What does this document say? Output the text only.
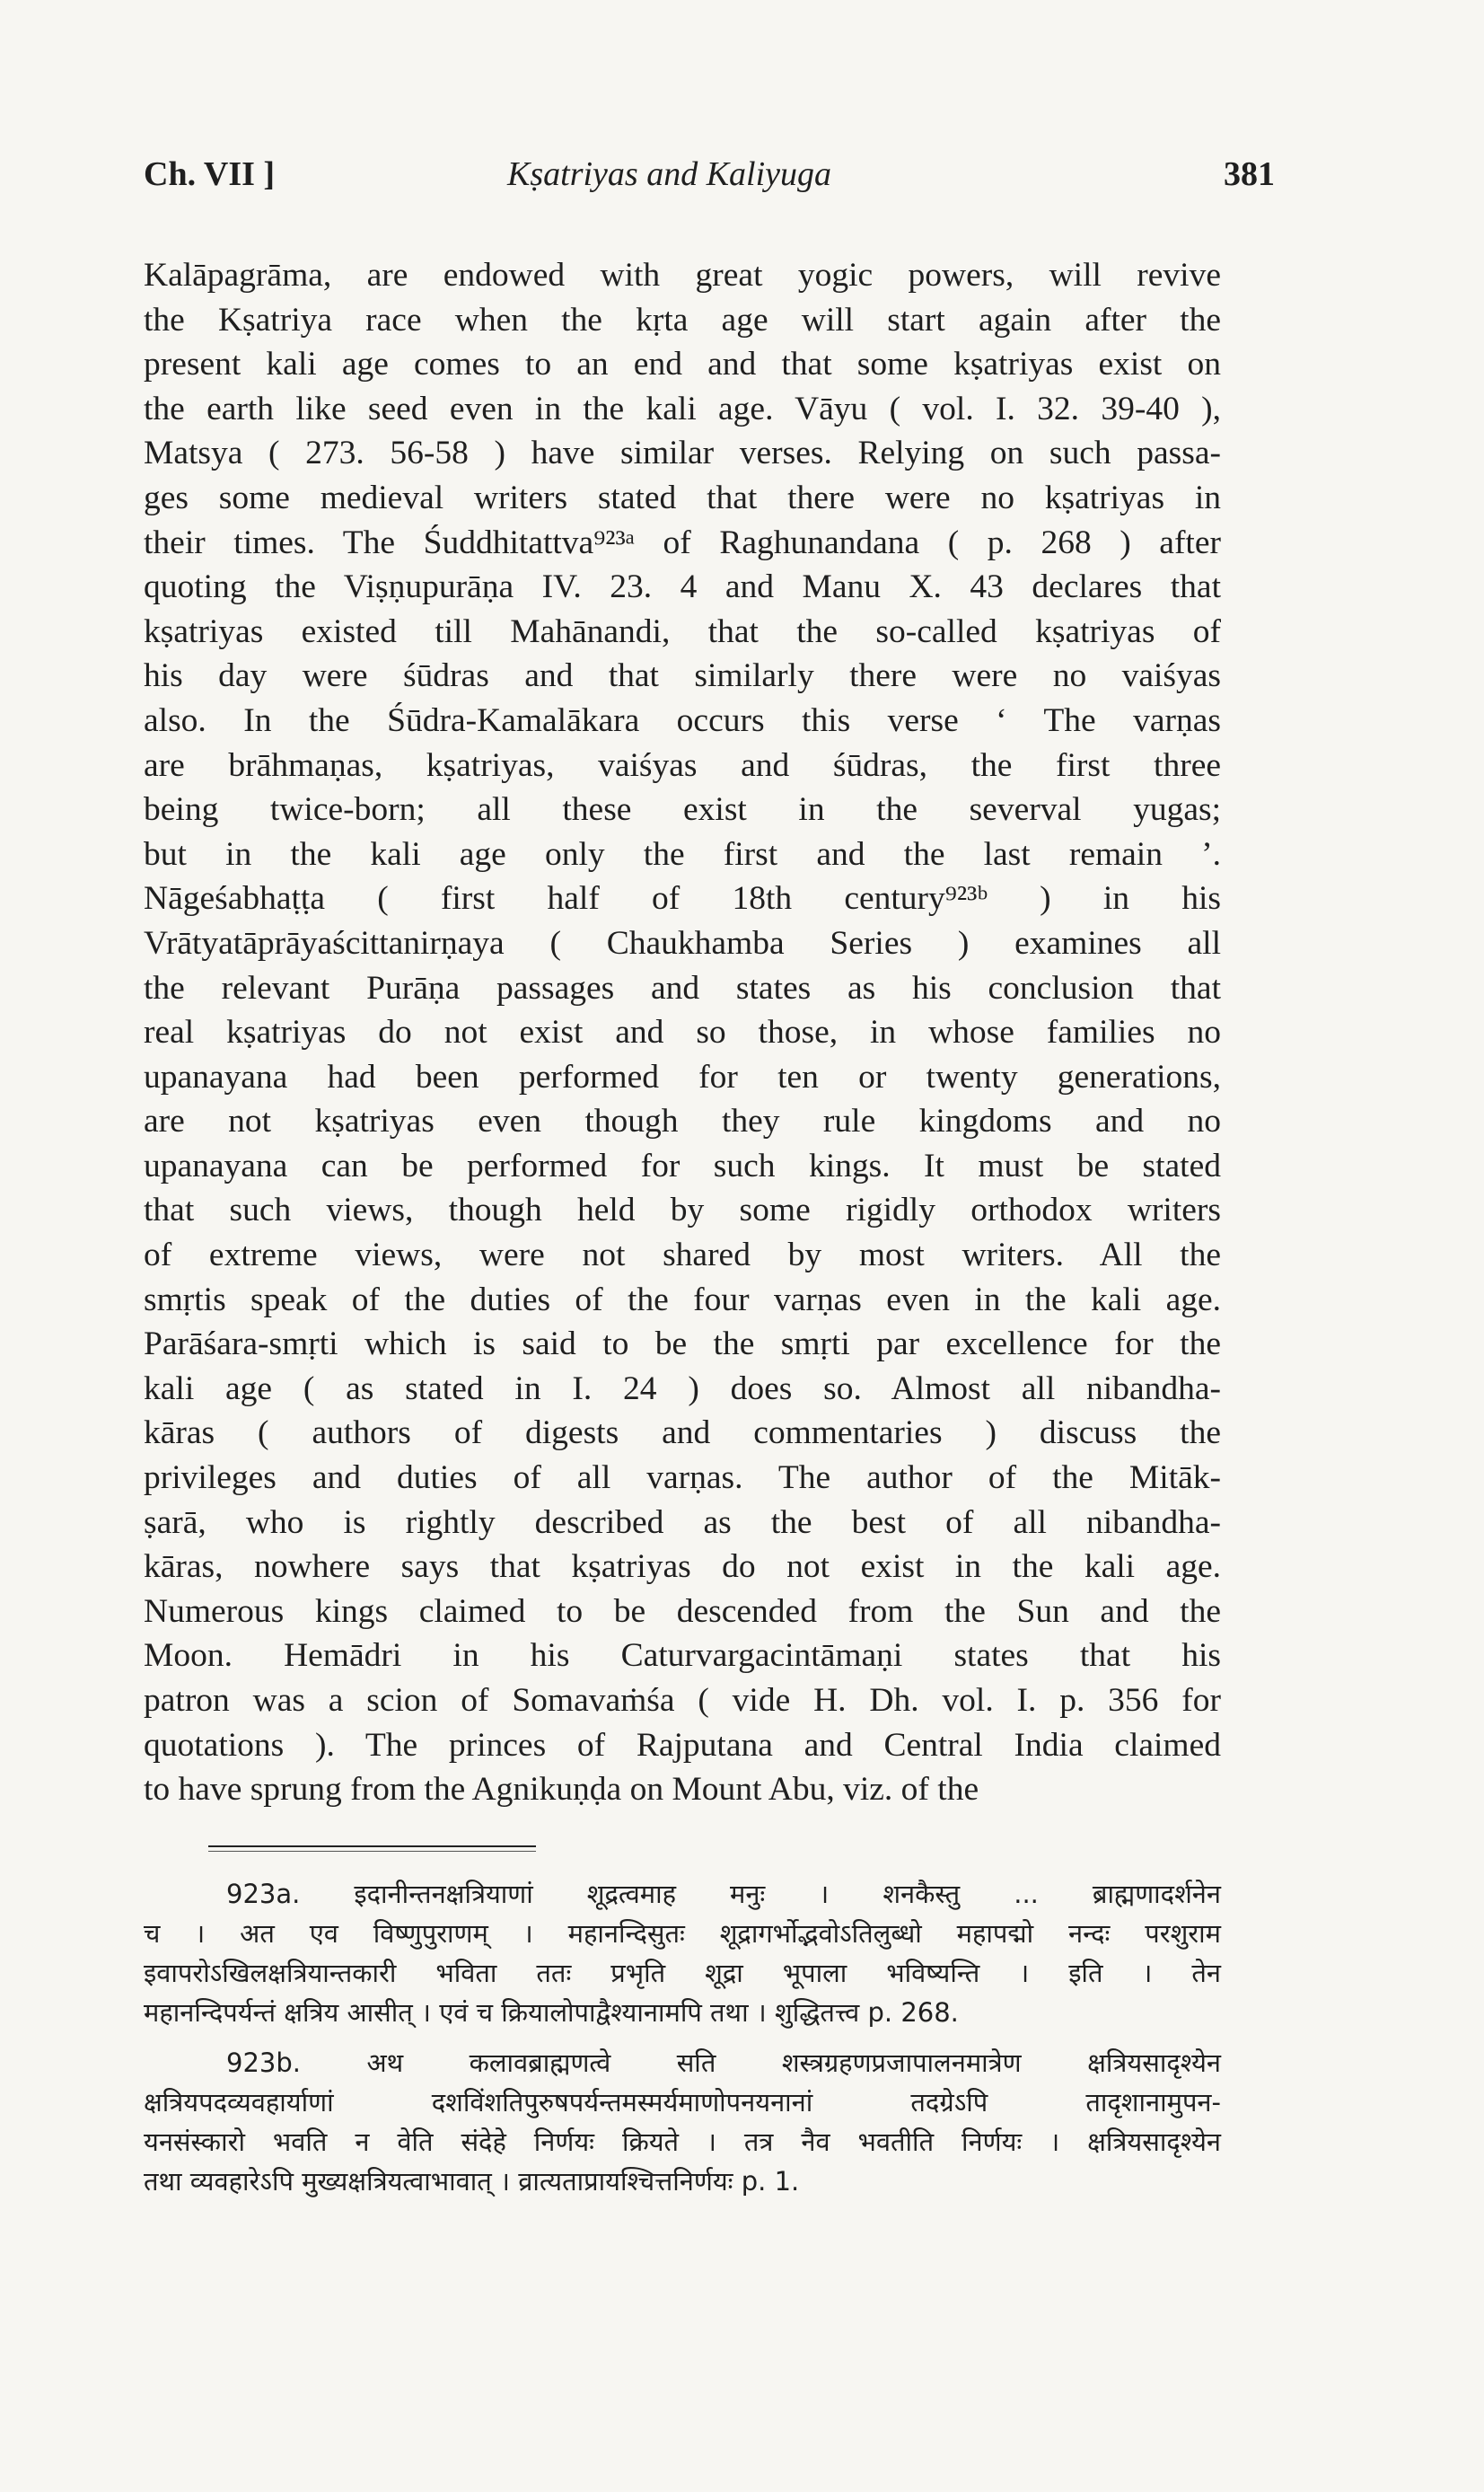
Ch. VII ]	Kṣatriyas and Kaliyuga	381
Kalāpagrāma, are endowed with great yogic powers, will revive
the Kṣatriya race when the kṛta age will start again after the
present kali age comes to an end and that some kṣatriyas exist on
the earth like seed even in the kali age. Vāyu ( vol. I. 32. 39-40 ),
Matsya ( 273. 56-58 ) have similar verses. Relying on such passa-
ges some medieval writers stated that there were no kṣatriyas in
their times. The Śuddhitattva⁹²³ᵃ of Raghunandana ( p. 268 ) after
quoting the Viṣṇupurāṇa IV. 23. 4 and Manu X. 43 declares that
kṣatriyas existed till Mahānandi, that the so-called kṣatriyas of
his day were śūdras and that similarly there were no vaiśyas
also. In the Śūdra-Kamalākara occurs this verse ‘ The varṇas
are brāhmaṇas, kṣatriyas, vaiśyas and śūdras, the first three
being twice-born; all these exist in the severval yugas;
but in the kali age only the first and the last remain ’.
Nāgeśabhaṭṭa ( first half of 18th century⁹²³ᵇ ) in his
Vrātyatāprāyaścittanirṇaya ( Chaukhamba Series ) examines all
the relevant Purāṇa passages and states as his conclusion that
real kṣatriyas do not exist and so those, in whose families no
upanayana had been performed for ten or twenty generations,
are not kṣatriyas even though they rule kingdoms and no
upanayana can be performed for such kings. It must be stated
that such views, though held by some rigidly orthodox writers
of extreme views, were not shared by most writers. All the
smṛtis speak of the duties of the four varṇas even in the kali age.
Parāśara-smṛti which is said to be the smṛti par excellence for the
kali age ( as stated in I. 24 ) does so. Almost all nibandha-
kāras ( authors of digests and commentaries ) discuss the
privileges and duties of all varṇas. The author of the Mitāk-
ṣarā, who is rightly described as the best of all nibandha-
kāras, nowhere says that kṣatriyas do not exist in the kali age.
Numerous kings claimed to be descended from the Sun and the
Moon. Hemādri in his Caturvargacintāmaṇi states that his
patron was a scion of Somavaṁśa ( vide H. Dh. vol. I. p. 356 for
quotations ). The princes of Rajputana and Central India claimed
to have sprung from the Agnikuṇḍa on Mount Abu, viz. of the
923a. इदानीन्तनक्षत्रियाणां शूद्रत्वमाह मनुः । शनकैस्तु ... ब्राह्मणादर्शनेन
च । अत एव विष्णुपुराणम् । महानन्दिसुतः शूद्रागर्भोद्भवोऽतिलुब्धो महापद्मो नन्दः परशुराम
इवापरोऽखिलक्षत्रियान्तकारी भविता ततः प्रभृति शूद्रा भूपाला भविष्यन्ति । इति । तेन
महानन्दिपर्यन्तं क्षत्रिय आसीत् । एवं च क्रियालोपाद्वैश्यानामपि तथा । शुद्धितत्त्व p. 268.
923b. अथ कलावब्राह्मणत्वे सति शस्त्रग्रहणप्रजापालनमात्रेण क्षत्रियसादृश्येन
क्षत्रियपदव्यवहार्याणां दशविंशतिपुरुषपर्यन्तमस्मर्यमाणोपनयनानां तदग्रेऽपि तादृशानामुपन-
यनसंस्कारो भवति न वेति संदेहे निर्णयः क्रियते । तत्र नैव भवतीति निर्णयः । क्षत्रियसादृश्येन
तथा व्यवहारेऽपि मुख्यक्षत्रियत्वाभावात् । व्रात्यताप्रायश्चित्तनिर्णयः p. 1.
